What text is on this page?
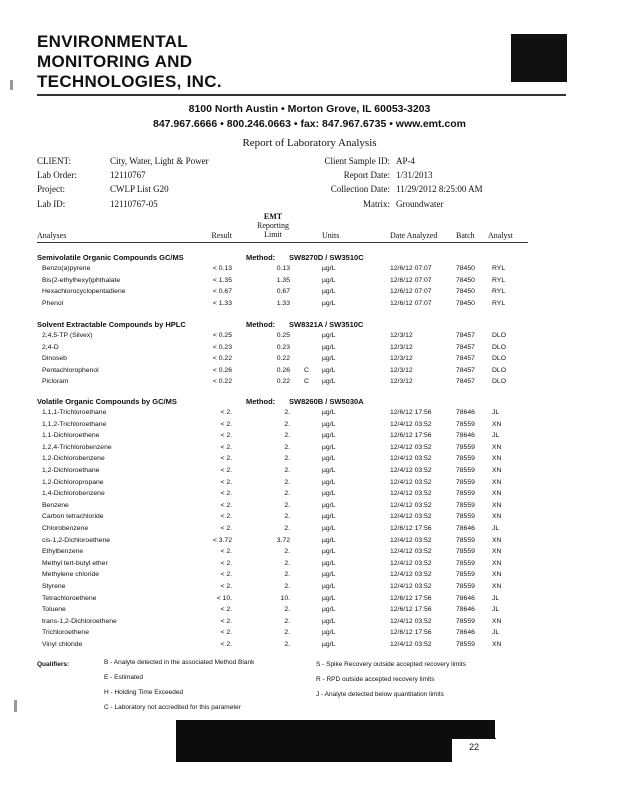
ENVIRONMENTAL
MONITORING AND
TECHNOLOGIES, INC.
8100 North Austin • Morton Grove, IL 60053-3203
847.967.6666 • 800.246.0663 • fax: 847.967.6735 • www.emt.com
Report of Laboratory Analysis
CLIENT:	City, Water, Light & Power
Lab Order:	12110767
Project:	CWLP List G20
Lab ID:	12110767-05
Client Sample ID: AP-4
Report Date: 1/31/2013
Collection Date: 11/29/2012 8:25:00 AM
Matrix: Groundwater
Analyses	Result
EMT
Reporting
Limit	Units	Date Analyzed Batch Analyst
Semivolatile Organic Compounds GC/MS	Method: SW8270D / SW3510C
Benzo(a)pyrene	< 0.13	0.13	µg/L	12/6/12 07:07	78450	RYL
Bis(2-ethylhexyl)phthalate	< 1.35	1.35	µg/L	12/6/12 07:07	78450	RYL
Hexachlorocyclopentadiene	< 0.67	0.67	µg/L	12/6/12 07:07	78450	RYL
Phenol	< 1.33	1.33	µg/L	12/6/12 07:07	78450	RYL
Solvent Extractable Compounds by HPLC	Method: SW8321A / SW3510C
2,4,5-TP (Silvex)	< 0.25	0.25	µg/L	12/3/12	78457	DLO
2,4-D	< 0.23	0.23	µg/L	12/3/12	78457	DLO
Dinoseb	< 0.22	0.22	µg/L	12/3/12	78457	DLO
Pentachlorophenol	< 0.26	0.26 C µg/L	12/3/12	78457	DLO
Picloram	< 0.22	0.22 C µg/L	12/3/12	78457	DLO
Volatile Organic Compounds by GC/MS	Method: SW8260B / SW5030A
1,1,1-Trichloroethane	< 2.	2.	µg/L	12/6/12 17:56	78646	JL
1,1,2-Trichloroethane	< 2.	2.	µg/L	12/4/12 03:52	78559	XN
1,1-Dichloroethene	< 2.	2.	µg/L	12/6/12 17:56	78646	JL
1,2,4-Trichlorobenzene	< 2.	2.	µg/L	12/4/12 03:52	78559	XN
1,2-Dichlorobenzene	< 2.	2.	µg/L	12/4/12 03:52	78559	XN
1,2-Dichloroethane	< 2.	2.	µg/L	12/4/12 03:52	78559	XN
1,2-Dichloropropane	< 2.	2.	µg/L	12/4/12 03:52	78559	XN
1,4-Dichlorobenzene	< 2.	2.	µg/L	12/4/12 03:52	78559	XN
Benzene	< 2.	2.	µg/L	12/4/12 03:52	78559	XN
Carbon tetrachloride	< 2.	2.	µg/L	12/4/12 03:52	78559	XN
Chlorobenzene	< 2.	2.	µg/L	12/6/12 17:56	78646	JL
cis-1,2-Dichloroethene	< 3.72	3.72	µg/L	12/4/12 03:52	78559	XN
Ethylbenzene	< 2.	2.	µg/L	12/4/12 03:52	78559	XN
Methyl tert-butyl ether	< 2.	2.	µg/L	12/4/12 03:52	78559	XN
Methylene chloride	< 2.	2.	µg/L	12/4/12 03:52	78559	XN
Styrene	< 2.	2.	µg/L	12/4/12 03:52	78559	XN
Tetrachloroethene	< 10.	10.	µg/L	12/6/12 17:56	78646	JL
Toluene	< 2.	2.	µg/L	12/6/12 17:56	78646	JL
trans-1,2-Dichloroethene	< 2.	2.	µg/L	12/4/12 03:52	78559	XN
Trichloroethene	< 2.	2.	µg/L	12/6/12 17:56	78646	JL
Vinyl chloride	< 2.	2.	µg/L	12/4/12 03:52	78559	XN
Qualifiers:	B - Analyte detected in the associated Method Blank
E - Estimated
H - Holding Time Exceeded
C - Laboratory not accredited for this parameter
S - Spike Recovery outside accepted recovery limits
R - RPD outside accepted recovery limits
J - Analyte detected below quantitation limits
22
